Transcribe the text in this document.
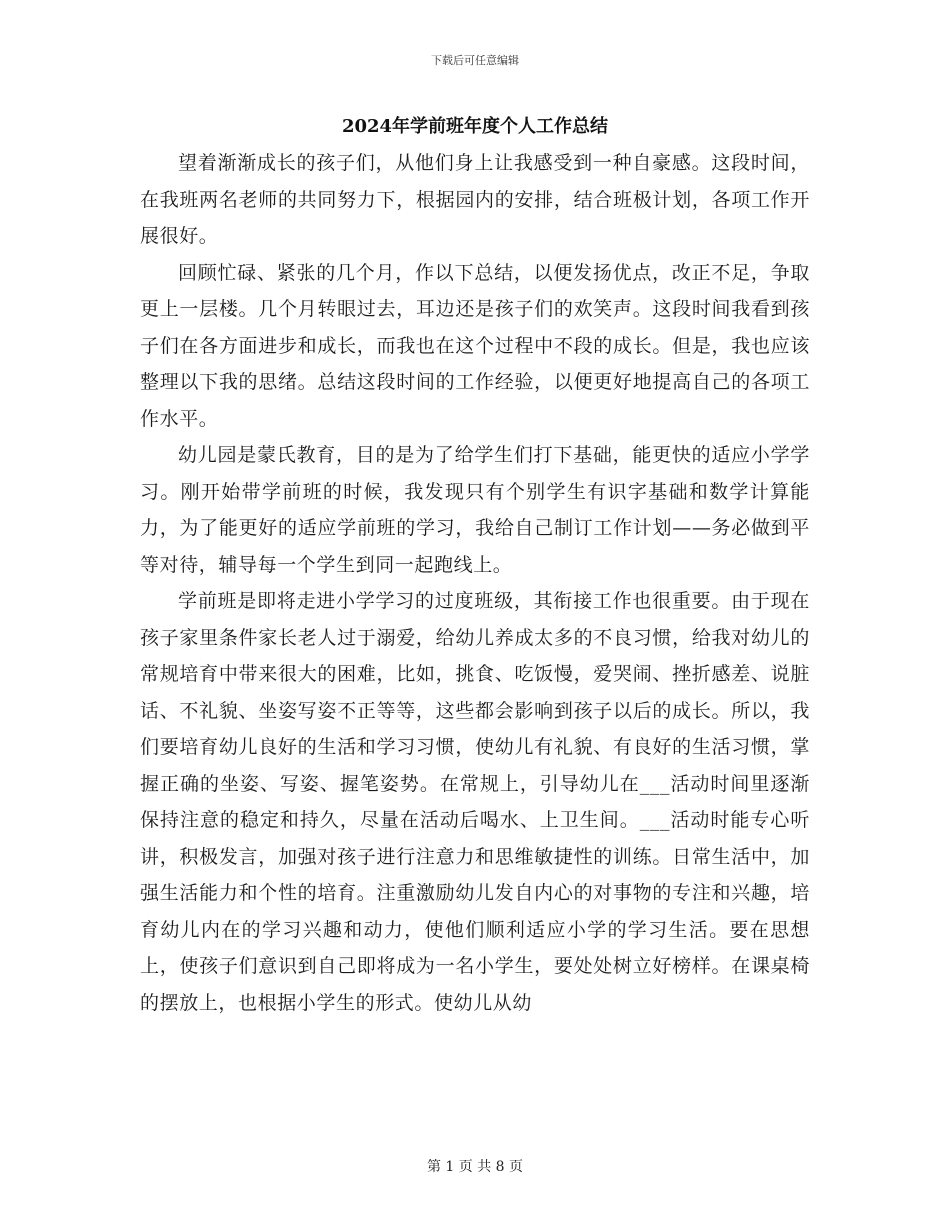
下载后可任意编辑
2024年学前班年度个人工作总结

望着渐渐成长的孩子们，从他们身上让我感受到一种自豪感。这段时间，在我班两名老师的共同努力下，根据园内的安排，结合班极计划，各项工作开展很好。

回顾忙碌、紧张的几个月，作以下总结，以便发扬优点，改正不足，争取更上一层楼。几个月转眼过去，耳边还是孩子们的欢笑声。这段时间我看到孩子们在各方面进步和成长，而我也在这个过程中不段的成长。但是，我也应该整理以下我的思绪。总结这段时间的工作经验，以便更好地提高自己的各项工作水平。

幼儿园是蒙氏教育，目的是为了给学生们打下基础，能更快的适应小学学习。刚开始带学前班的时候，我发现只有个别学生有识字基础和数学计算能力，为了能更好的适应学前班的学习，我给自己制订工作计划——务必做到平等对待，辅导每一个学生到同一起跑线上。

学前班是即将走进小学学习的过度班级，其衔接工作也很重要。由于现在孩子家里条件家长老人过于溺爱，给幼儿养成太多的不良习惯，给我对幼儿的常规培育中带来很大的困难，比如，挑食、吃饭慢，爱哭闹、挫折感差、说脏话、不礼貌、坐姿写姿不正等等，这些都会影响到孩子以后的成长。所以，我们要培育幼儿良好的生活和学习习惯，使幼儿有礼貌、有良好的生活习惯，掌握正确的坐姿、写姿、握笔姿势。在常规上，引导幼儿在___活动时间里逐渐保持注意的稳定和持久，尽量在活动后喝水、上卫生间。___活动时能专心听讲，积极发言，加强对孩子进行注意力和思维敏捷性的训练。日常生活中，加强生活能力和个性的培育。注重激励幼儿发自内心的对事物的专注和兴趣，培育幼儿内在的学习兴趣和动力，使他们顺利适应小学的学习生活。要在思想上，使孩子们意识到自己即将成为一名小学生，要处处树立好榜样。在课桌椅的摆放上，也根据小学生的形式。使幼儿从幼

第 1 页 共 8 页
